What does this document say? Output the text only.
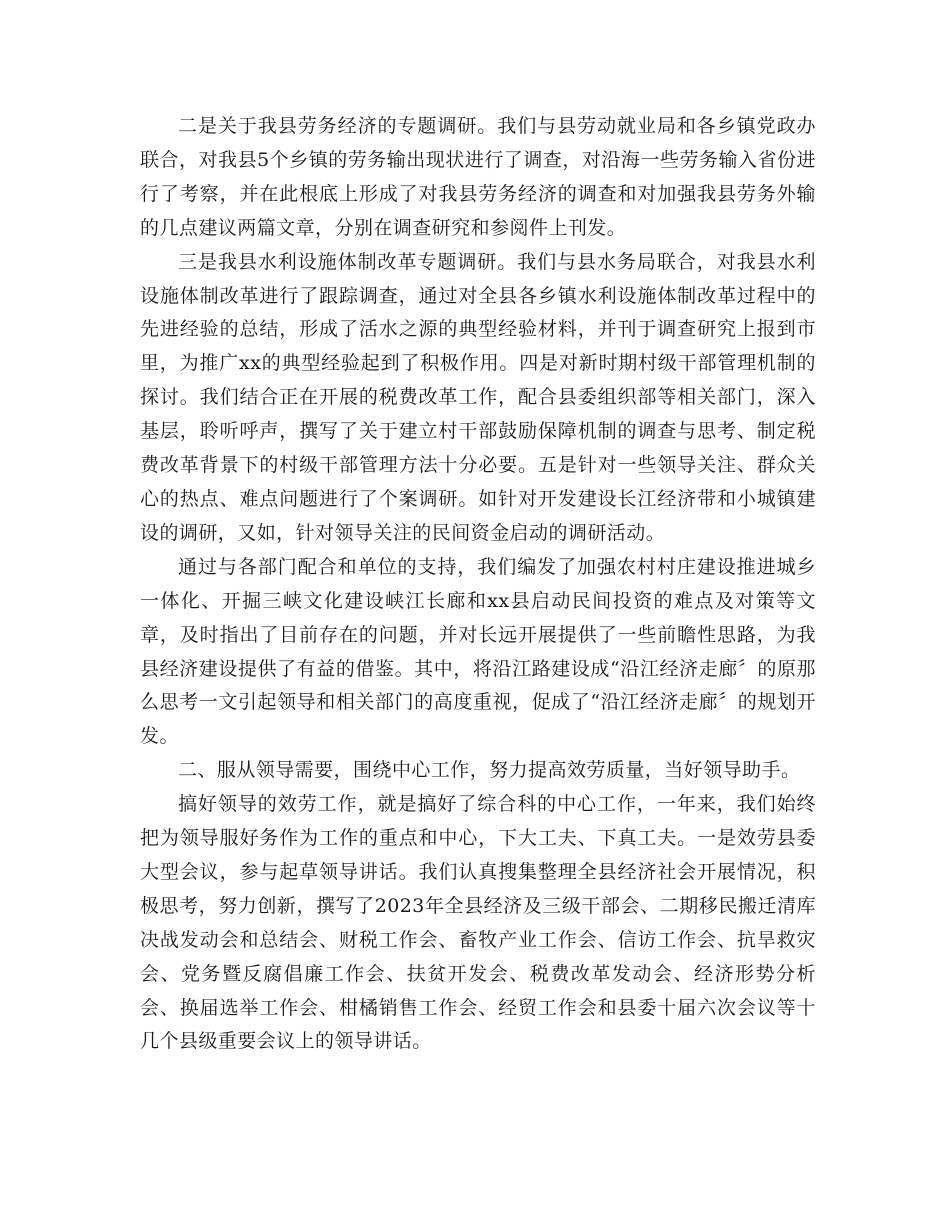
二是关于我县劳务经济的专题调研。我们与县劳动就业局和各乡镇党政办联合，对我县5个乡镇的劳务输出现状进行了调查，对沿海一些劳务输入省份进行了考察，并在此根底上形成了对我县劳务经济的调查和对加强我县劳务外输的几点建议两篇文章，分别在调查研究和参阅件上刊发。

三是我县水利设施体制改革专题调研。我们与县水务局联合，对我县水利设施体制改革进行了跟踪调查，通过对全县各乡镇水利设施体制改革过程中的先进经验的总结，形成了活水之源的典型经验材料，并刊于调查研究上报到市里，为推广xx的典型经验起到了积极作用。四是对新时期村级干部管理机制的探讨。我们结合正在开展的税费改革工作，配合县委组织部等相关部门，深入基层，聆听呼声，撰写了关于建立村干部鼓励保障机制的调查与思考、制定税费改革背景下的村级干部管理方法十分必要。五是针对一些领导关注、群众关心的热点、难点问题进行了个案调研。如针对开发建设长江经济带和小城镇建设的调研，又如，针对领导关注的民间资金启动的调研活动。

通过与各部门配合和单位的支持，我们编发了加强农村村庄建设推进城乡一体化、开掘三峡文化建设峡江长廊和xx县启动民间投资的难点及对策等文章，及时指出了目前存在的问题，并对长远开展提供了一些前瞻性思路，为我县经济建设提供了有益的借鉴。其中，将沿江路建设成“沿江经济走廊〞的原那么思考一文引起领导和相关部门的高度重视，促成了“沿江经济走廊〞的规划开发。

二、服从领导需要，围绕中心工作，努力提高效劳质量，当好领导助手。

搞好领导的效劳工作，就是搞好了综合科的中心工作，一年来，我们始终把为领导服好务作为工作的重点和中心，下大工夫、下真工夫。一是效劳县委大型会议，参与起草领导讲话。我们认真搜集整理全县经济社会开展情况，积极思考，努力创新，撰写了2023年全县经济及三级干部会、二期移民搬迁清库决战发动会和总结会、财税工作会、畜牧产业工作会、信访工作会、抗旱救灾会、党务暨反腐倡廉工作会、扶贫开发会、税费改革发动会、经济形势分析会、换届选举工作会、柑橘销售工作会、经贸工作会和县委十届六次会议等十几个县级重要会议上的领导讲话。
